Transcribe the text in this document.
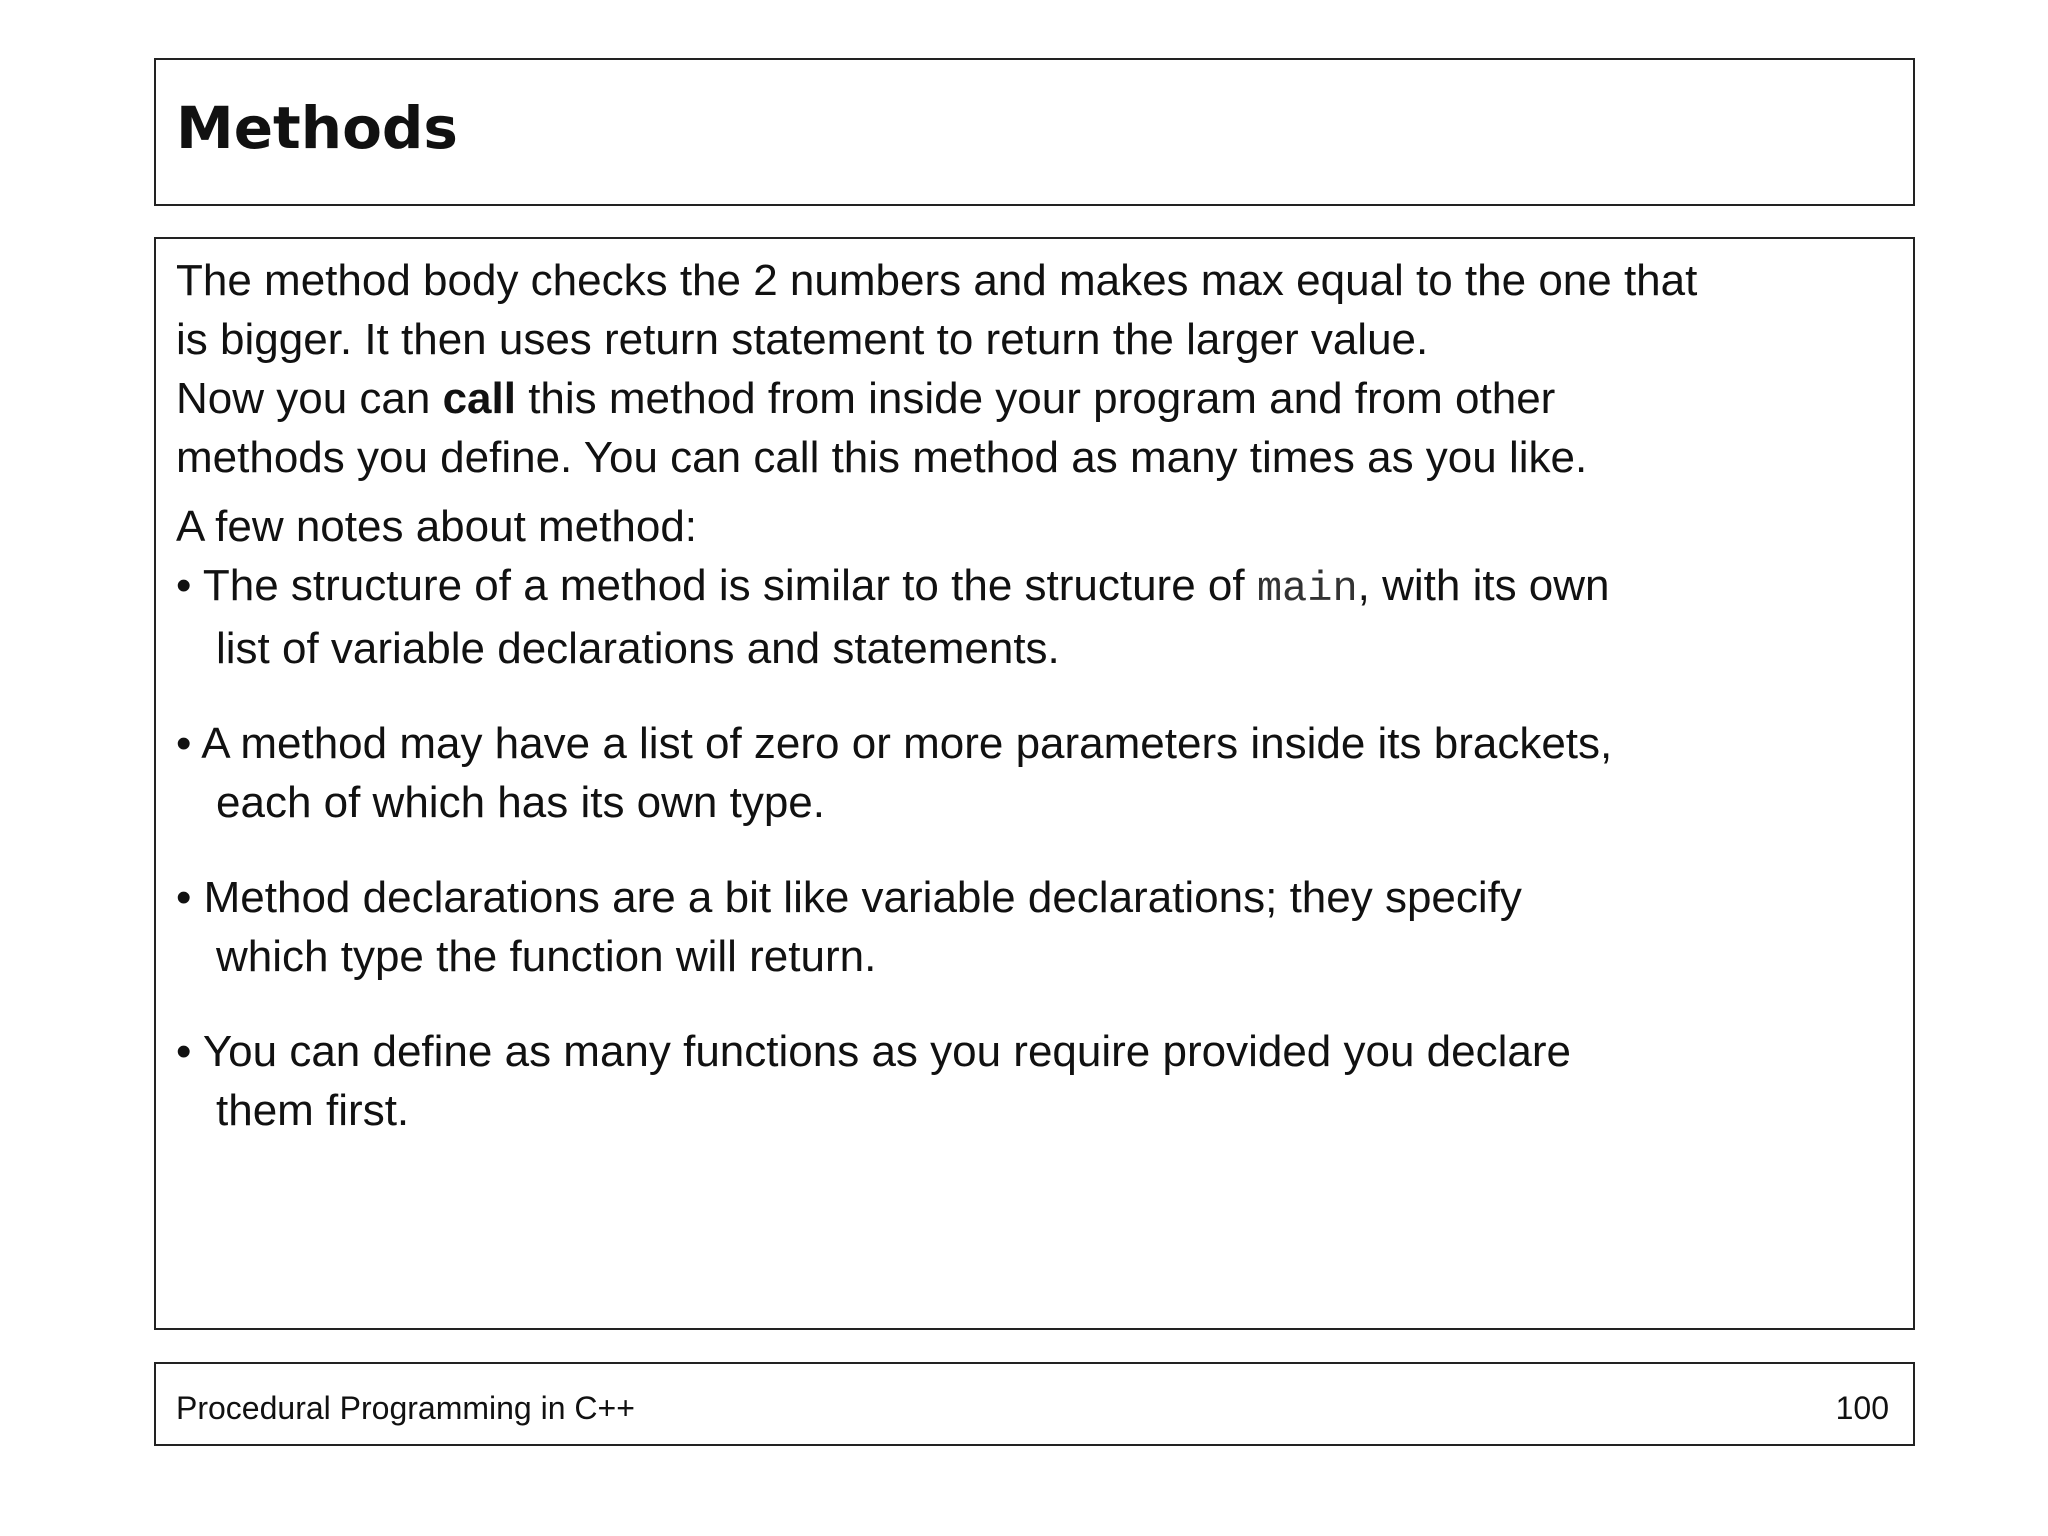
Methods
The method body checks the 2 numbers and makes max equal to the one that
is bigger. It then uses return statement to return the larger value.
Now you can call this method from inside your program and from other
methods you define. You can call this method as many times as you like.
A few notes about method:
• The structure of a method is similar to the structure of main, with its own
list of variable declarations and statements.
• A method may have a list of zero or more parameters inside its brackets,
each of which has its own type.
• Method declarations are a bit like variable declarations; they specify
which type the function will return.
• You can define as many functions as you require provided you declare
them first.
Procedural Programming in C++	100
